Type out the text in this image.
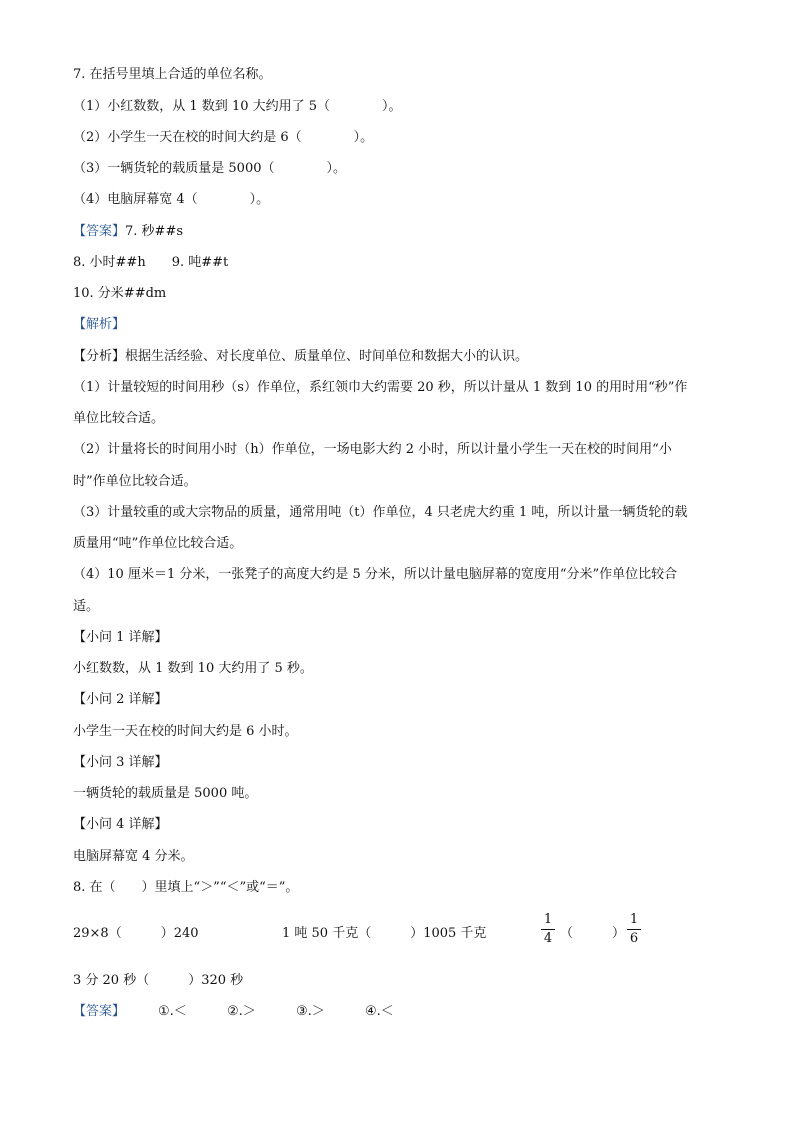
7. 在括号里填上合适的单位名称。
（1）小红数数，从 1 数到 10 大约用了 5（　　　　）。
（2）小学生一天在校的时间大约是 6（　　　　）。
（3）一辆货轮的载质量是 5000（　　　　）。
（4）电脑屏幕宽 4（　　　　）。
【答案】7. 秒##s
8. 小时##h　　9. 吨##t
10. 分米##dm
【解析】
【分析】根据生活经验、对长度单位、质量单位、时间单位和数据大小的认识。
（1）计量较短的时间用秒（s）作单位，系红领巾大约需要 20 秒，所以计量从 1 数到 10 的用时用“秒”作
单位比较合适。
（2）计量将长的时间用小时（h）作单位，一场电影大约 2 小时，所以计量小学生一天在校的时间用“小
时”作单位比较合适。
（3）计量较重的或大宗物品的质量，通常用吨（t）作单位，4 只老虎大约重 1 吨，所以计量一辆货轮的载
质量用“吨”作单位比较合适。
（4）10 厘米＝1 分米，一张凳子的高度大约是 5 分米，所以计量电脑屏幕的宽度用“分米”作单位比较合
适。
【小问 1 详解】
小红数数，从 1 数到 10 大约用了 5 秒。
【小问 2 详解】
小学生一天在校的时间大约是 6 小时。
【小问 3 详解】
一辆货轮的载质量是 5000 吨。
【小问 4 详解】
电脑屏幕宽 4 分米。
8. 在（　　）里填上“＞”“＜”或“＝”。
29×8（　　　）240	1 吨 50 千克（　　　）1005 千克
1
4 （　　　）
1
6
3 分 20 秒（　　　）320 秒
【答案】	①.＜	②.＞	③.＞	④.＜
